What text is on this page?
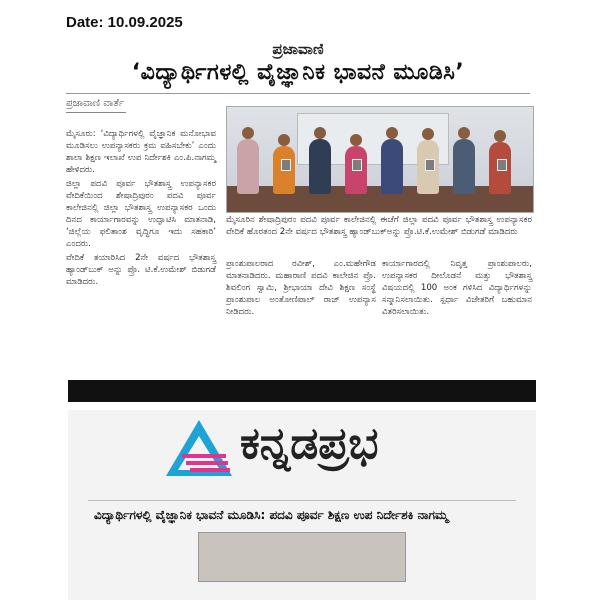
Date: 10.09.2025
ಪ್ರಜಾವಾಣಿ
‘ವಿದ್ಯಾರ್ಥಿಗಳಲ್ಲಿ ವೈಜ್ಞಾನಿಕ ಭಾವನೆ ಮೂಡಿಸಿ’
ಪ್ರಜಾವಾಣಿ ವಾರ್ತೆ

ಮೈಸೂರು: ‘ವಿದ್ಯಾರ್ಥಿಗಳಲ್ಲಿ ವೈಜ್ಞಾನಿಕ ಮನೋಭಾವ ಮೂಡಿಸಲು ಉಪನ್ಯಾಸಕರು ಕ್ರಮ ವಹಿಸಬೇಕು’ ಎಂದು ಶಾಲಾ ಶಿಕ್ಷಣ ಇಲಾಖೆ ಉಪ ನಿರ್ದೇಶಕಿ ಎಂ.ಪಿ.ನಾಗಮ್ಮ ಹೇಳಿದರು.

ಜಿಲ್ಲಾ ಪದವಿ ಪೂರ್ವ ಭೌತಶಾಸ್ತ್ರ ಉಪನ್ಯಾಸಕರ ವೇದಿಕೆಯಿಂದ ಶೇಷಾದ್ರಿಪುರಂ ಪದವಿ ಪೂರ್ವ ಕಾಲೇಜಿನಲ್ಲಿ ಜಿಲ್ಲಾ ಭೌತಶಾಸ್ತ್ರ ಉಪನ್ಯಾಸಕರ ಒಂದು ದಿನದ ಕಾರ್ಯಾಗಾರವನ್ನು ಉದ್ಘಾಟಿಸಿ ಮಾತನಾಡಿ, ‘ಜಿಲ್ಲೆಯ ಫಲಿತಾಂಶ ವೃದ್ಧಿಗೂ ಇದು ಸಹಕಾರಿ’ ಎಂದರು.

ವೇದಿಕೆ ತಯಾರಿಸಿದ 2ನೇ ವರ್ಷದ ಭೌತಶಾಸ್ತ್ರ ಹ್ಯಾಂಡ್‌ಬುಕ್ ಅನ್ನು ಪ್ರೊ. ಟಿ.ಕೆ.ಉಮೇಶ್ ಬಿಡುಗಡೆ ಮಾಡಿದರು.

ಮೈಸೂರಿನ ಶೇಷಾದ್ರಿಪುರಂ ಪದವಿ ಪೂರ್ವ ಕಾಲೇಜಿನಲ್ಲಿ ಈಚೆಗೆ ಜಿಲ್ಲಾ ಪದವಿ ಪೂರ್ವ ಭೌತಶಾಸ್ತ್ರ ಉಪನ್ಯಾಸಕರ ವೇದಿಕೆ ಹೊರತಂದ 2ನೇ ವರ್ಷದ ಭೌತಶಾಸ್ತ್ರ ಹ್ಯಾಂಡ್‌ಬುಕ್‌ಅನ್ನು ಪ್ರೊ.ಟಿ.ಕೆ.ಉಮೇಶ್ ಬಿಡುಗಡೆ ಮಾಡಿದರು
ಪ್ರಾಂಶುಪಾಲರಾದ ರವೀಶ್, ಎಂ.ಮಹೇಗೌಡ ಮಾತನಾಡಿದರು. ಮಹಾರಾಣಿ ಪದವಿ ಕಾಲೇಜಿನ ಪ್ರೊ. ಶಿವಲಿಂಗ ಸ್ವಾಮಿ, ಶ್ರೀಭಾಯಾ ದೇವಿ ಶಿಕ್ಷಣ ಸಂಸ್ಥೆ ಪ್ರಾಂಶುಪಾಲ ಅಂತೋಣಿಪಾಲ್ ರಾಜ್ ಉಪನ್ಯಾಸ ನೀಡಿದರು.
ಕಾರ್ಯಾಗಾರದಲ್ಲಿ ನಿವೃತ್ತ ಪ್ರಾಂಶುಪಾಲರು, ಉಪನ್ಯಾಸಕರ ದೀಲೊಡನೆ ಮತ್ತು ಭೌತಶಾಸ್ತ್ರ ವಿಷಯದಲ್ಲಿ 100 ಅಂಕ ಗಳಿಸಿದ ವಿದ್ಯಾರ್ಥಿಗಳನ್ನು ಸನ್ಮಾನಿಸಲಾಯಿತು. ಸ್ಪರ್ಧಾ ವಿಜೇತರಿಗೆ ಬಹುಮಾನ ವಿತರಿಸಲಾಯಿತು.
ಕನ್ನಡಪ್ರಭ
ವಿದ್ಯಾರ್ಥಿಗಳಲ್ಲಿ ವೈಜ್ಞಾನಿಕ ಭಾವನೆ ಮೂಡಿಸಿ: ಪದವಿ ಪೂರ್ವ ಶಿಕ್ಷಣ ಉಪ ನಿರ್ದೇಶಕಿ ನಾಗಮ್ಮ
